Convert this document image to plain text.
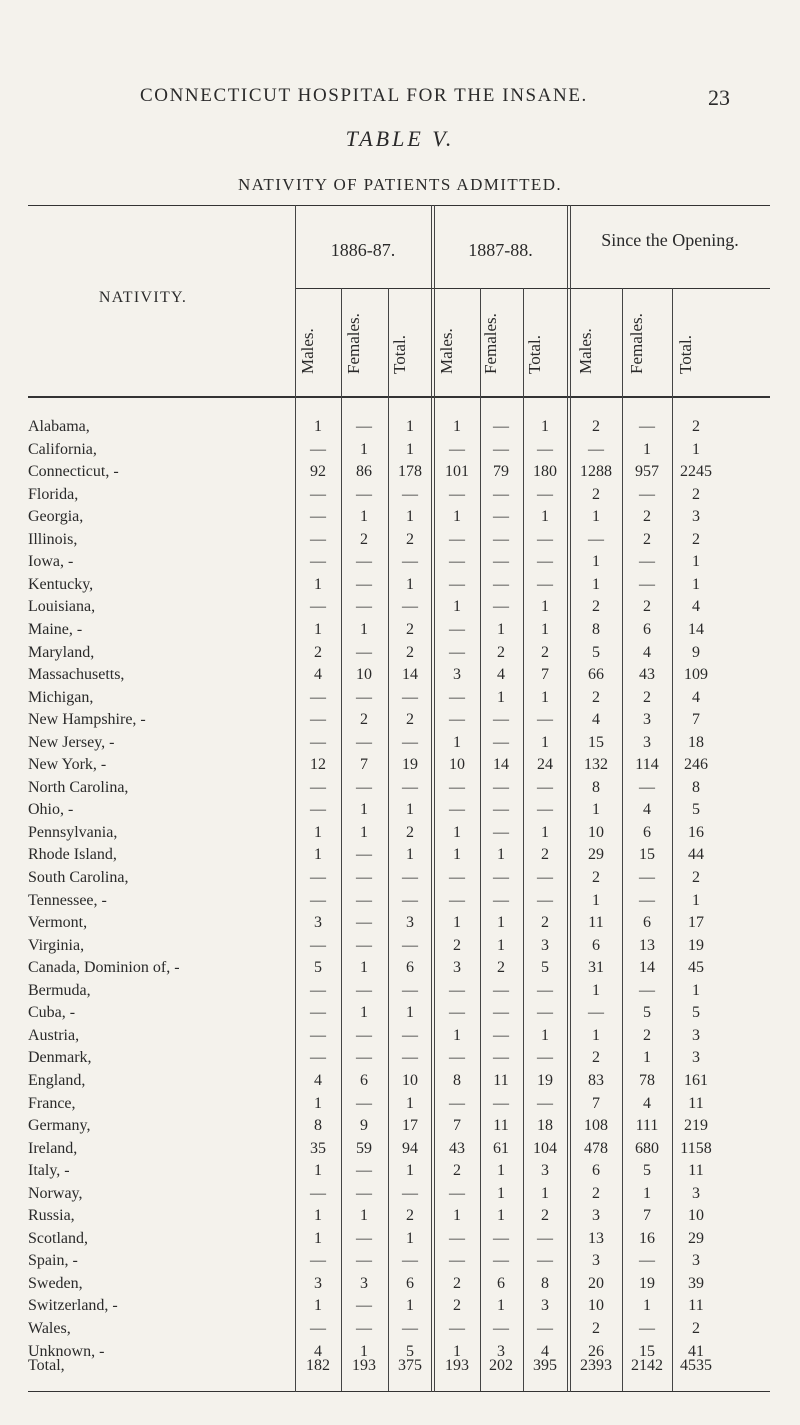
CONNECTICUT HOSPITAL FOR THE INSANE.	23
TABLE V.
NATIVITY OF PATIENTS ADMITTED.
NATIVITY.
1886-87.	1887-88.	Since the Opening.
Males. Females. Total. Males. Females. Total. Males. Females. Total.
Alabama,	1	—	1	1	—	1	2	—	2
California,	—	1	1	—	—	—	—	1	1
Connecticut, -	92	86	178	101	79	180	1288	957	2245
Florida,	—	—	—	—	—	—	2	—	2
Georgia,	—	1	1	1	—	1	1	2	3
Illinois,	—	2	2	—	—	—	—	2	2
Iowa, -	—	—	—	—	—	—	1	—	1
Kentucky,	1	—	1	—	—	—	1	—	1
Louisiana,	—	—	—	1	—	1	2	2	4
Maine, -	1	1	2	—	1	1	8	6	14
Maryland,	2	—	2	—	2	2	5	4	9
Massachusetts,	4	10	14	3	4	7	66	43	109
Michigan,	—	—	—	—	1	1	2	2	4
New Hampshire, -	—	2	2	—	—	—	4	3	7
New Jersey, -	—	—	—	1	—	1	15	3	18
New York, -	12	7	19	10	14	24	132	114	246
North Carolina,	—	—	—	—	—	—	8	—	8
Ohio, -	—	1	1	—	—	—	1	4	5
Pennsylvania,	1	1	2	1	—	1	10	6	16
Rhode Island,	1	—	1	1	1	2	29	15	44
South Carolina,	—	—	—	—	—	—	2	—	2
Tennessee, -	—	—	—	—	—	—	1	—	1
Vermont,	3	—	3	1	1	2	11	6	17
Virginia,	—	—	—	2	1	3	6	13	19
Canada, Dominion of, -	5	1	6	3	2	5	31	14	45
Bermuda,	—	—	—	—	—	—	1	—	1
Cuba, -	—	1	1	—	—	—	—	5	5
Austria,	—	—	—	1	—	1	1	2	3
Denmark,	—	—	—	—	—	—	2	1	3
England,	4	6	10	8	11	19	83	78	161
France,	1	—	1	—	—	—	7	4	11
Germany,	8	9	17	7	11	18	108	111	219
Ireland,	35	59	94	43	61	104	478	680	1158
Italy, -	1	—	1	2	1	3	6	5	11
Norway,	—	—	—	—	1	1	2	1	3
Russia,	1	1	2	1	1	2	3	7	10
Scotland,	1	—	1	—	—	—	13	16	29
Spain, -	—	—	—	—	—	—	3	—	3
Sweden,	3	3	6	2	6	8	20	19	39
Switzerland, -	1	—	1	2	1	3	10	1	11
Wales,	—	—	—	—	—	—	2	—	2
Unknown, -	4	1	5	1	3	4	26	15	41
Total,	182	193	375	193	202	395	2393	2142	4535
